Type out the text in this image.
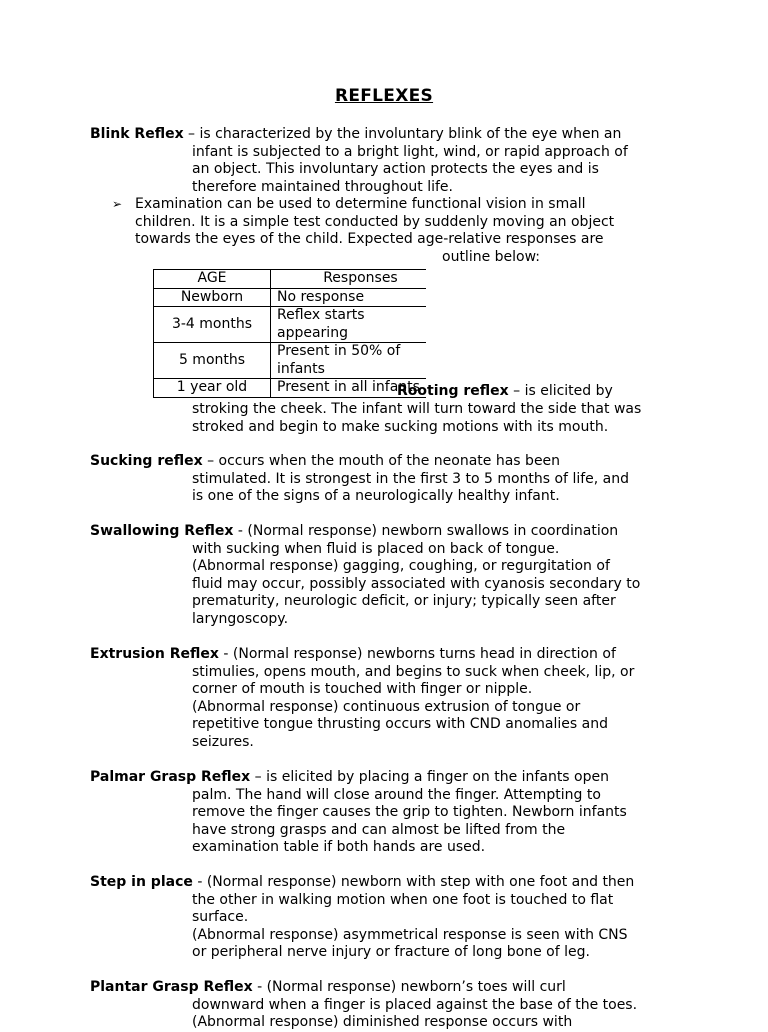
REFLEXES
Blink Reflex – is characterized by the involuntary blink of the eye when an
infant is subjected to a bright light, wind, or rapid approach of
an object. This involuntary action protects the eyes and is
therefore maintained throughout life.
➢ Examination can be used to determine functional vision in small
children. It is a simple test conducted by suddenly moving an object
towards the eyes of the child. Expected age-relative responses are
outline below:
AGE	Responses
Newborn	No response
3-4 months	Reflex starts
appearing

5 months	Present in 50% of
infants

1 year old	Present in all infants
Rooting reflex – is elicited by
stroking the cheek. The infant will turn toward the side that was
stroked and begin to make sucking motions with its mouth.
Sucking reflex – occurs when the mouth of the neonate has been
stimulated. It is strongest in the first 3 to 5 months of life, and
is one of the signs of a neurologically healthy infant.
Swallowing Reflex - (Normal response) newborn swallows in coordination
with sucking when fluid is placed on back of tongue.
(Abnormal response) gagging, coughing, or regurgitation of
fluid may occur, possibly associated with cyanosis secondary to
prematurity, neurologic deficit, or injury; typically seen after
laryngoscopy.
Extrusion Reflex - (Normal response) newborns turns head in direction of
stimulies, opens mouth, and begins to suck when cheek, lip, or
corner of mouth is touched with finger or nipple.
(Abnormal response) continuous extrusion of tongue or
repetitive tongue thrusting occurs with CND anomalies and
seizures.
Palmar Grasp Reflex – is elicited by placing a finger on the infants open
palm. The hand will close around the finger. Attempting to
remove the finger causes the grip to tighten. Newborn infants
have strong grasps and can almost be lifted from the
examination table if both hands are used.
Step in place - (Normal response) newborn with step with one foot and then
the other in walking motion when one foot is touched to flat
surface.
(Abnormal response) asymmetrical response is seen with CNS
or peripheral nerve injury or fracture of long bone of leg.
Plantar Grasp Reflex - (Normal response) newborn’s toes will curl
downward when a finger is placed against the base of the toes.
(Abnormal response) diminished response occurs with
